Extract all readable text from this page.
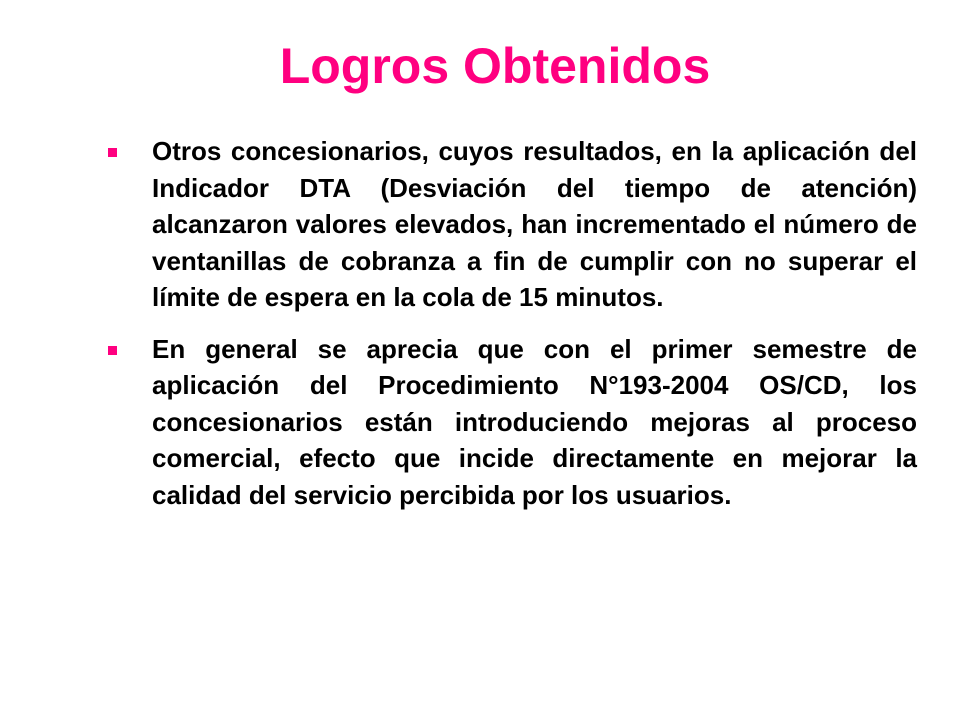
Logros Obtenidos
Otros concesionarios, cuyos resultados, en la aplicación del Indicador DTA (Desviación del tiempo de atención) alcanzaron valores elevados, han incrementado el número de ventanillas de cobranza a fin de cumplir con no superar el límite de espera en la cola de 15 minutos.
En general se aprecia que con el primer semestre de aplicación del Procedimiento N°193-2004 OS/CD, los concesionarios están introduciendo mejoras al proceso comercial, efecto que incide directamente en mejorar la calidad del servicio percibida por los usuarios.
